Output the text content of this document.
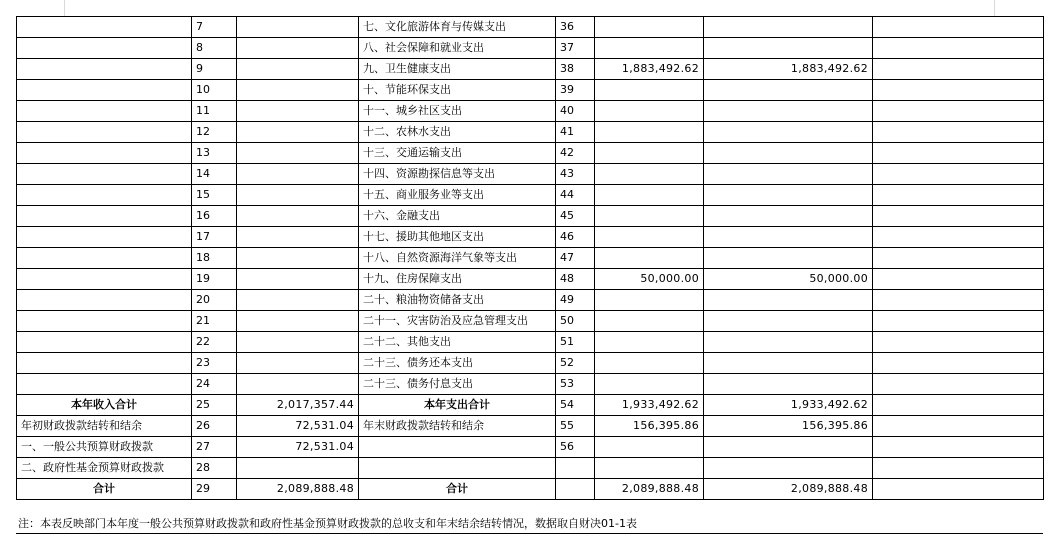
	7		七、文化旅游体育与传媒支出	36			
	8		八、社会保障和就业支出	37			
	9		九、卫生健康支出	38	1,883,492.62	1,883,492.62	
	10		十、节能环保支出	39			
	11		十一、城乡社区支出	40			
	12		十二、农林水支出	41			
	13		十三、交通运输支出	42			
	14		十四、资源勘探信息等支出	43			
	15		十五、商业服务业等支出	44			
	16		十六、金融支出	45			
	17		十七、援助其他地区支出	46			
	18		十八、自然资源海洋气象等支出	47			
	19		十九、住房保障支出	48	50,000.00	50,000.00	
	20		二十、粮油物资储备支出	49			
	21		二十一、灾害防治及应急管理支出	50			
	22		二十二、其他支出	51			
	23		二十三、债务还本支出	52			
	24		二十三、债务付息支出	53			
本年收入合计	25	2,017,357.44	本年支出合计	54	1,933,492.62	1,933,492.62	
年初财政拨款结转和结余	26	72,531.04	年末财政拨款结转和结余	55	156,395.86	156,395.86	
一、一般公共预算财政拨款	27	72,531.04		56			
二、政府性基金预算财政拨款	28						
合计	29	2,089,888.48	合计		2,089,888.48	2,089,888.48	
注：本表反映部门本年度一般公共预算财政拨款和政府性基金预算财政拨款的总收支和年末结余结转情况，数据取自财决01-1表
